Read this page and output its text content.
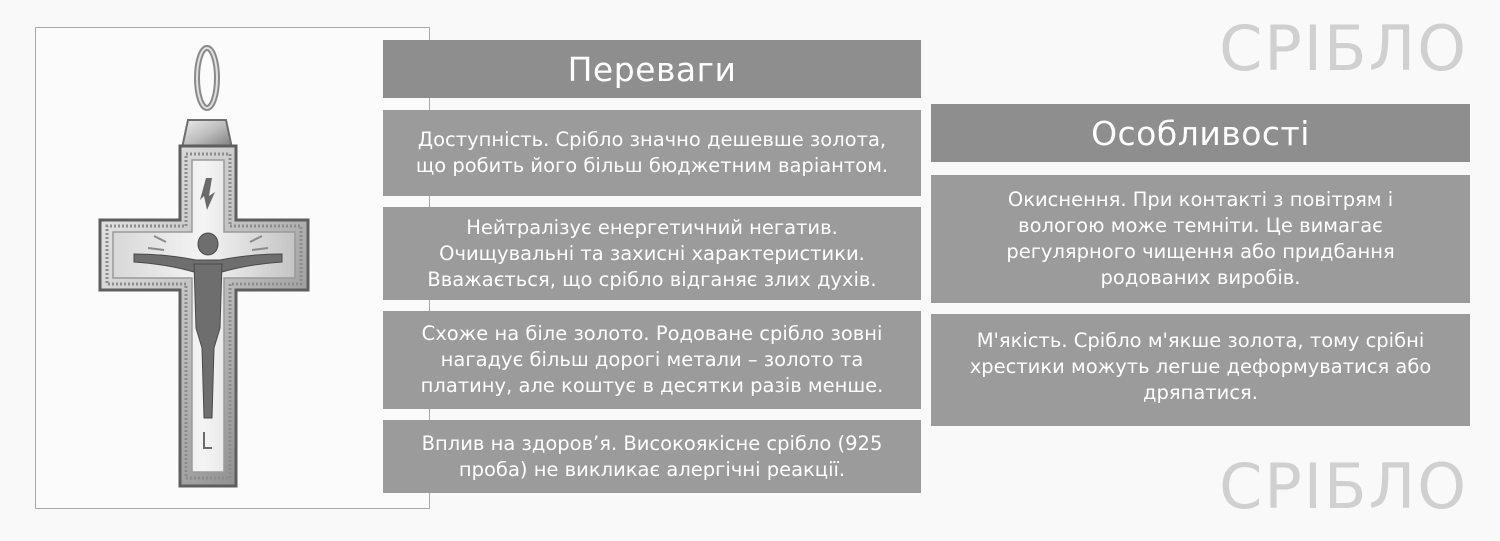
Переваги
Доступність. Срібло значно дешевше золота, що робить його більш бюджетним варіантом.
Нейтралізує енергетичний негатив. Очищувальні та захисні характеристики. Вважається, що срібло відганяє злих духів.
Схоже на біле золото. Родоване срібло зовні нагадує більш дорогі метали – золото та платину, але коштує в десятки разів менше.
Вплив на здоров’я. Високоякісне срібло (925 проба) не викликає алергічні реакції.
Особливості
Окиснення. При контакті з повітрям і вологою може темніти. Це вимагає регулярного чищення або придбання родованих виробів.
М'якість. Срібло м'якше золота, тому срібні хрестики можуть легше деформуватися або дряпатися.
СРІБЛО
СРІБЛО
